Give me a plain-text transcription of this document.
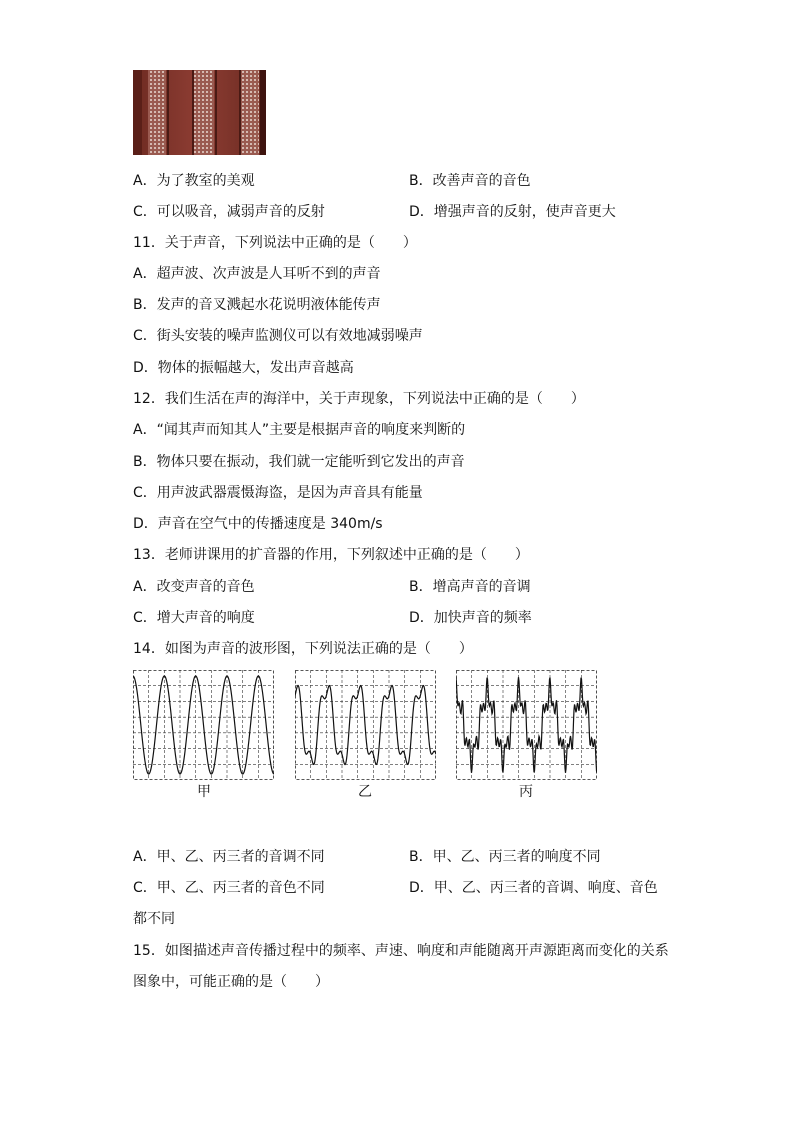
A．为了教室的美观	B．改善声音的音色
C．可以吸音，减弱声音的反射	D．增强声音的反射，使声音更大
11．关于声音，下列说法中正确的是（　　）
A．超声波、次声波是人耳听不到的声音
B．发声的音叉溅起水花说明液体能传声
C．街头安装的噪声监测仪可以有效地减弱噪声
D．物体的振幅越大，发出声音越高
12．我们生活在声的海洋中，关于声现象，下列说法中正确的是（　　）
A．“闻其声而知其人”主要是根据声音的响度来判断的
B．物体只要在振动，我们就一定能听到它发出的声音
C．用声波武器震慑海盗，是因为声音具有能量
D．声音在空气中的传播速度是 340m/s
13．老师讲课用的扩音器的作用，下列叙述中正确的是（　　）
A．改变声音的音色	B．增高声音的音调
C．增大声音的响度	D．加快声音的频率
14．如图为声音的波形图，下列说法正确的是（　　）
甲	乙	丙
A．甲、乙、丙三者的音调不同	B．甲、乙、丙三者的响度不同
C．甲、乙、丙三者的音色不同	D．甲、乙、丙三者的音调、响度、音色
都不同
15．如图描述声音传播过程中的频率、声速、响度和声能随离开声源距离而变化的关系
图象中，可能正确的是（　　）
